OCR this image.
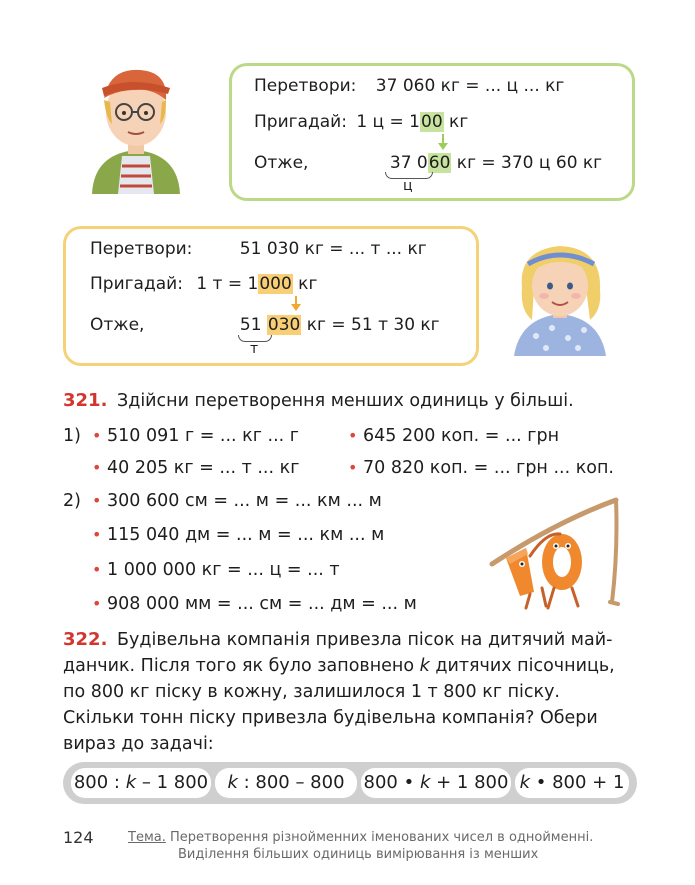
Перетвори: 37 060 кг = ... ц ... кг
Пригадай: 1 ц = 100 кг
Отже,	37 060 кг = 370 ц 60 кг
ц
Перетвори:	51 030 кг = ... т ... кг
Пригадай: 1 т = 1000 кг
Отже,	51 030 кг = 51 т 30 кг
т
321. Здійсни перетворення менших одиниць у більші.
1) • 510 091 г = ... кг ... г	• 645 200 коп. = ... грн
• 40 205 кг = ... т ... кг	• 70 820 коп. = ... грн ... коп.
2) • 300 600 см = ... м = ... км ... м
• 115 040 дм = ... м = ... км ... м
• 1 000 000 кг = ... ц = ... т
• 908 000 мм = ... см = ... дм = ... м
322. Будівельна компанія привезла пісок на дитячий май-
данчик. Після того як було заповнено k дитячих пісочниць,
по 800 кг піску в кожну, залишилося 1 т 800 кг піску.
Скільки тонн піску привезла будівельна компанія? Обери
вираз до задачі:
800 : k – 1 800	k : 800 – 800	800 • k + 1 800 k • 800 + 1
124	Тема. Перетворення різнойменних іменованих чисел в однойменні.
Виділення більших одиниць вимірювання із менших
